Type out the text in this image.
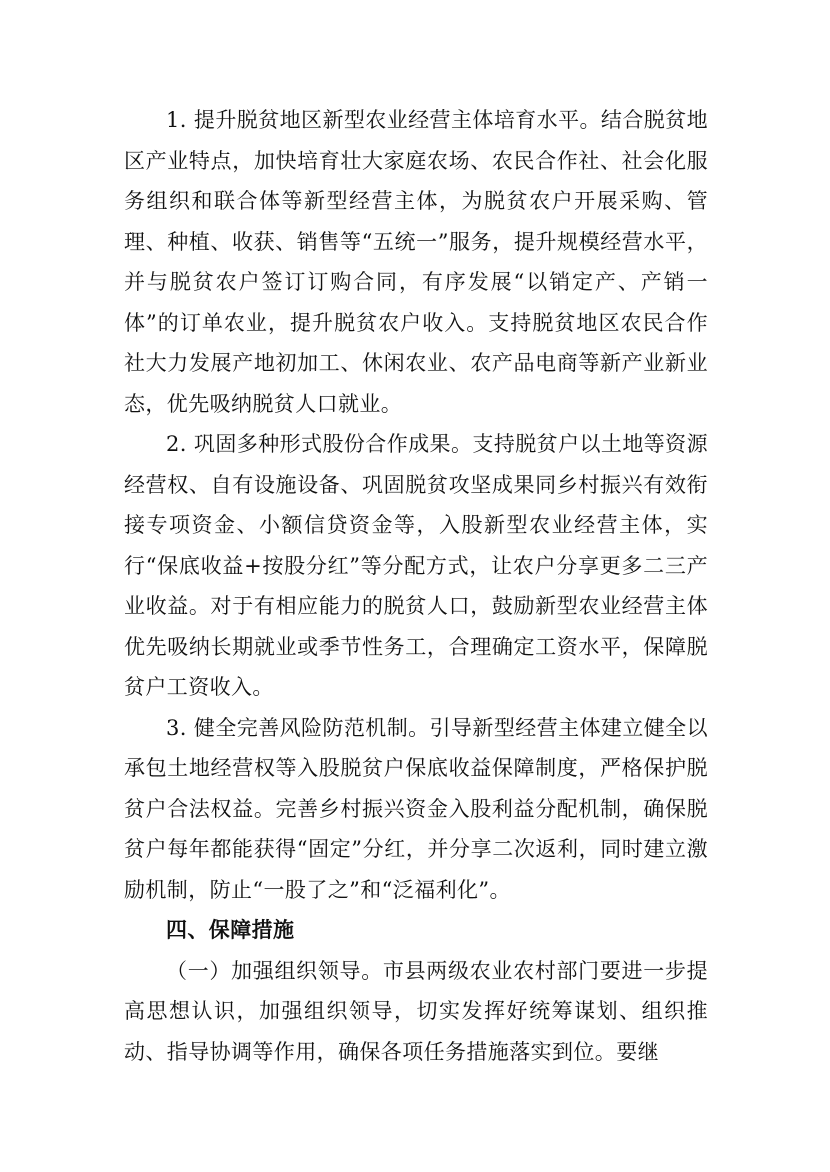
1. 提升脱贫地区新型农业经营主体培育水平。结合脱贫地区产业特点，加快培育壮大家庭农场、农民合作社、社会化服务组织和联合体等新型经营主体，为脱贫农户开展采购、管理、种植、收获、销售等“五统一”服务，提升规模经营水平，并与脱贫农户签订订购合同，有序发展“以销定产、产销一体”的订单农业，提升脱贫农户收入。支持脱贫地区农民合作社大力发展产地初加工、休闲农业、农产品电商等新产业新业态，优先吸纳脱贫人口就业。

2. 巩固多种形式股份合作成果。支持脱贫户以土地等资源经营权、自有设施设备、巩固脱贫攻坚成果同乡村振兴有效衔接专项资金、小额信贷资金等，入股新型农业经营主体，实行“保底收益+按股分红”等分配方式，让农户分享更多二三产业收益。对于有相应能力的脱贫人口，鼓励新型农业经营主体优先吸纳长期就业或季节性务工，合理确定工资水平，保障脱贫户工资收入。

3. 健全完善风险防范机制。引导新型经营主体建立健全以承包土地经营权等入股脱贫户保底收益保障制度，严格保护脱贫户合法权益。完善乡村振兴资金入股利益分配机制，确保脱贫户每年都能获得“固定”分红，并分享二次返利，同时建立激励机制，防止“一股了之”和“泛福利化”。

四、保障措施

（一）加强组织领导。市县两级农业农村部门要进一步提高思想认识，加强组织领导，切实发挥好统筹谋划、组织推动、指导协调等作用，确保各项任务措施落实到位。要继
